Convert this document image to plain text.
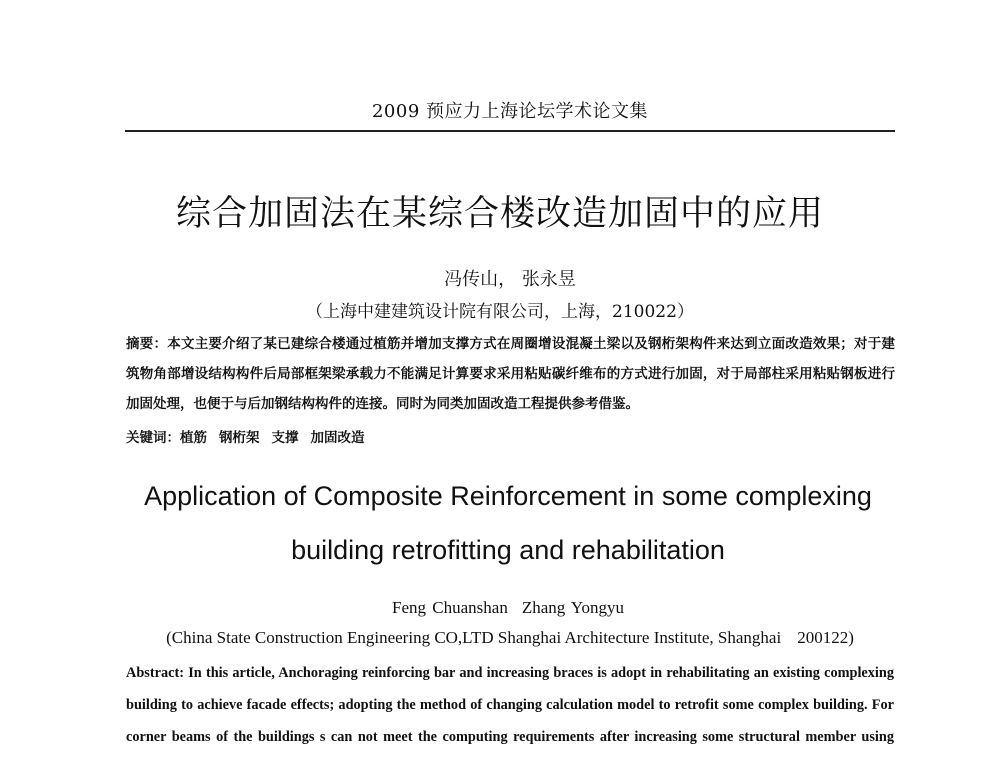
2009 预应力上海论坛学术论文集
综合加固法在某综合楼改造加固中的应用
冯传山， 张永昱
（上海中建建筑设计院有限公司，上海，210022）
摘要：本文主要介绍了某已建综合楼通过植筋并增加支撑方式在周圈增设混凝土梁以及钢桁架构件来达到立面改造效果；对于建筑物角部增设结构构件后局部框架梁承载力不能满足计算要求采用粘贴碳纤维布的方式进行加固，对于局部柱采用粘贴钢板进行加固处理，也便于与后加钢结构构件的连接。同时为同类加固改造工程提供参考借鉴。
关键词：植筋 钢桁架 支撑 加固改造
Application of Composite Reinforcement in some complexing
building retrofitting and rehabilitation
Feng Chuanshan Zhang Yongyu
(China State Construction Engineering CO,LTD Shanghai Architecture Institute, Shanghai 200122)
Abstract: In this article, Anchoraging reinforcing bar and increasing braces is adopt in rehabilitating an existing complexing
building to achieve facade effects; adopting the method of changing calculation model to retrofit some complex building. For
corner beams of the buildings s can not meet the computing requirements after increasing some structural member using
